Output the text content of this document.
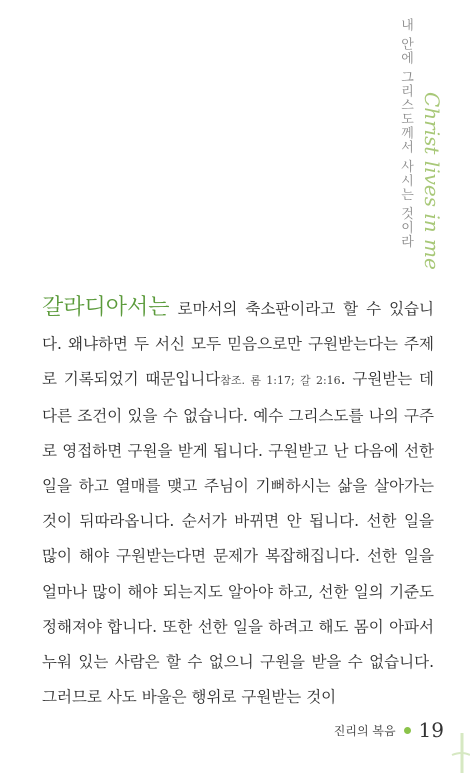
내 안에 그리스도께서 사시는 것이라 Christ lives in me
갈라디아서는 로마서의 축소판이라고 할 수 있습니다. 왜냐하면 두 서신 모두 믿음으로만 구원받는다는 주제로 기록되었기 때문입니다참조. 롬 1:17; 갈 2:16. 구원받는 데 다른 조건이 있을 수 없습니다. 예수 그리스도를 나의 구주로 영접하면 구원을 받게 됩니다. 구원받고 난 다음에 선한 일을 하고 열매를 맺고 주님이 기뻐하시는 삶을 살아가는 것이 뒤따라옵니다. 순서가 바뀌면 안 됩니다. 선한 일을 많이 해야 구원받는다면 문제가 복잡해집니다. 선한 일을 얼마나 많이 해야 되는지도 알아야 하고, 선한 일의 기준도 정해져야 합니다. 또한 선한 일을 하려고 해도 몸이 아파서 누워 있는 사람은 할 수 없으니 구원을 받을 수 없습니다. 그러므로 사도 바울은 행위로 구원받는 것이
진리의 복음 19
